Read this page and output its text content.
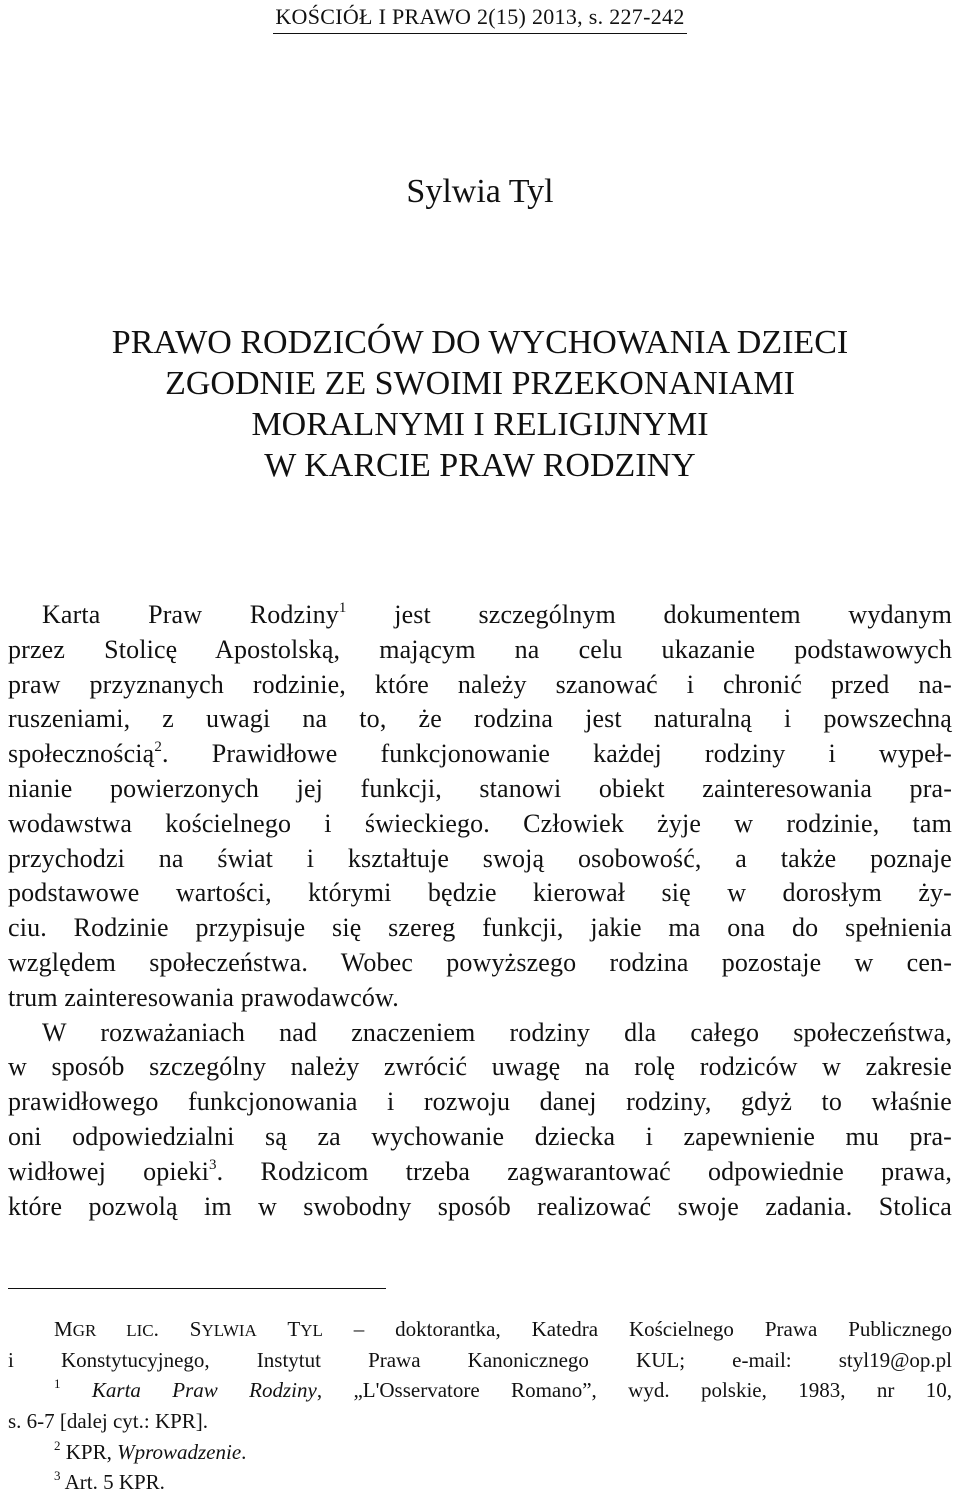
KOŚCIÓŁ I PRAWO 2(15) 2013, s. 227-242
Sylwia Tyl
PRAWO RODZICÓW DO WYCHOWANIA DZIECI
ZGODNIE ZE SWOIMI PRZEKONANIAMI
MORALNYMI I RELIGIJNYMI
W KARCIE PRAW RODZINY
Karta Praw Rodziny$^1$ jest szczególnym dokumentem wydanym
przez Stolicę Apostolską, mającym na celu ukazanie podstawowych
praw przyznanych rodzinie, które należy szanować i chronić przed na-
ruszeniami, z uwagi na to, że rodzina jest naturalną i powszechną
społecznością$^2$. Prawidłowe funkcjonowanie każdej rodziny i wypeł-
nianie powierzonych jej funkcji, stanowi obiekt zainteresowania pra-
wodawstwa kościelnego i świeckiego. Człowiek żyje w rodzinie, tam
przychodzi na świat i kształtuje swoją osobowość, a także poznaje
podstawowe wartości, którymi będzie kierował się w dorosłym ży-
ciu. Rodzinie przypisuje się szereg funkcji, jakie ma ona do spełnienia
względem społeczeństwa. Wobec powyższego rodzina pozostaje w cen-
trum zainteresowania prawodawców.
W rozważaniach nad znaczeniem rodziny dla całego społeczeństwa,
w sposób szczególny należy zwrócić uwagę na rolę rodziców w zakresie
prawidłowego funkcjonowania i rozwoju danej rodziny, gdyż to właśnie
oni odpowiedzialni są za wychowanie dziecka i zapewnienie mu pra-
widłowej opieki$^3$. Rodzicom trzeba zagwarantować odpowiednie prawa,
które pozwolą im w swobodny sposób realizować swoje zadania. Stolica
MGR LIC. SYLWIA TYL – doktorantka, Katedra Kościelnego Prawa Publicznego
i Konstytucyjnego, Instytut Prawa Kanonicznego KUL; e-mail: styl19@op.pl
$^1$ Karta Praw Rodziny, „L'Osservatore Romano”, wyd. polskie, 1983, nr 10,
s. 6-7 [dalej cyt.: KPR].
$^2$ KPR, Wprowadzenie.
$^3$ Art. 5 KPR.
